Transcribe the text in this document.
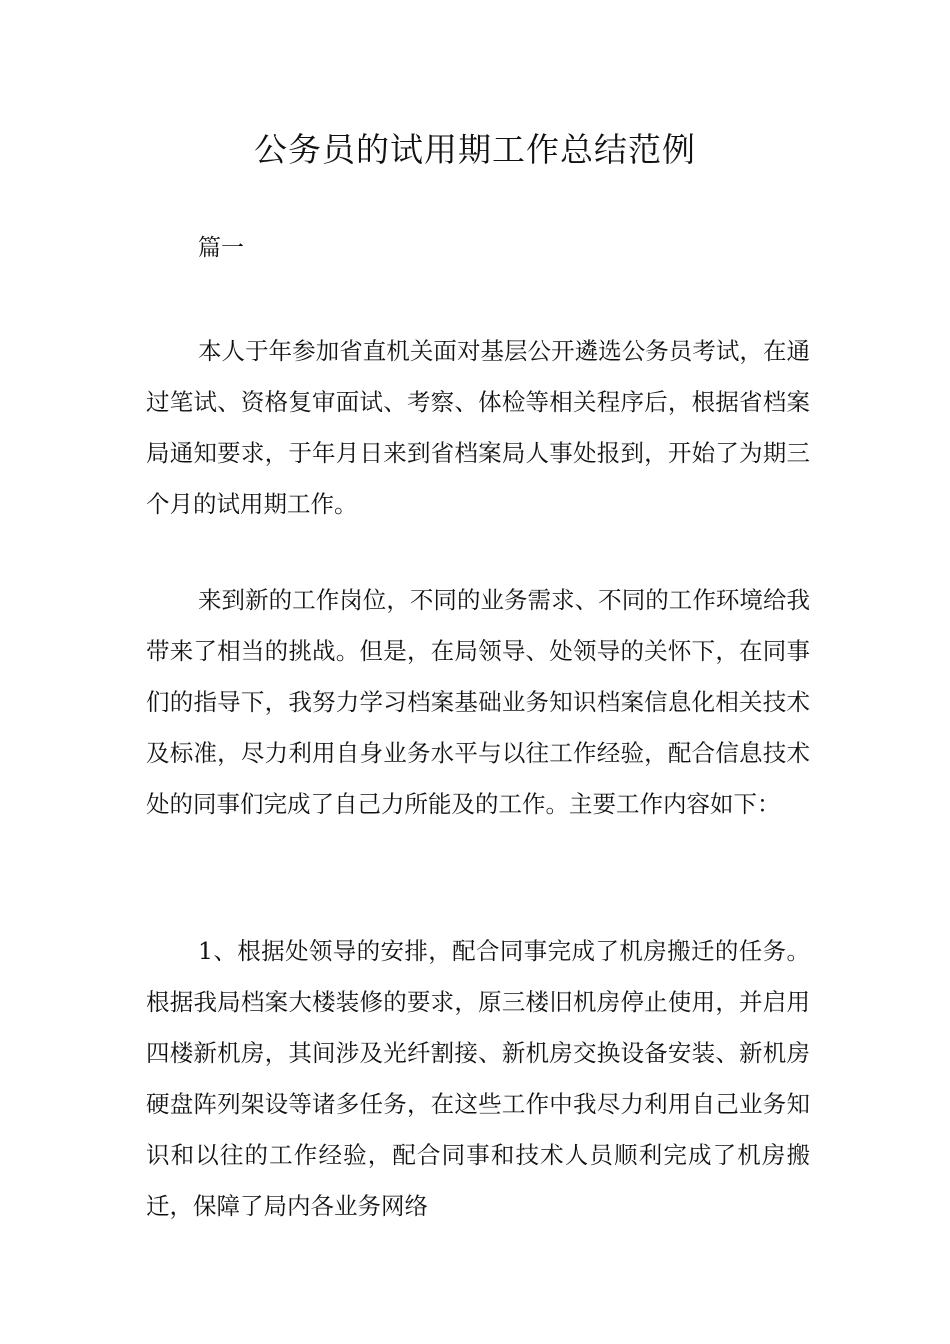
公务员的试用期工作总结范例

篇一

本人于年参加省直机关面对基层公开遴选公务员考试，在通过笔试、资格复审面试、考察、体检等相关程序后，根据省档案局通知要求，于年月日来到省档案局人事处报到，开始了为期三个月的试用期工作。

来到新的工作岗位，不同的业务需求、不同的工作环境给我带来了相当的挑战。但是，在局领导、处领导的关怀下，在同事们的指导下，我努力学习档案基础业务知识档案信息化相关技术及标准，尽力利用自身业务水平与以往工作经验，配合信息技术处的同事们完成了自己力所能及的工作。主要工作内容如下：

1、根据处领导的安排，配合同事完成了机房搬迁的任务。根据我局档案大楼装修的要求，原三楼旧机房停止使用，并启用四楼新机房，其间涉及光纤割接、新机房交换设备安装、新机房硬盘阵列架设等诸多任务，在这些工作中我尽力利用自己业务知识和以往的工作经验，配合同事和技术人员顺利完成了机房搬迁，保障了局内各业务网络
